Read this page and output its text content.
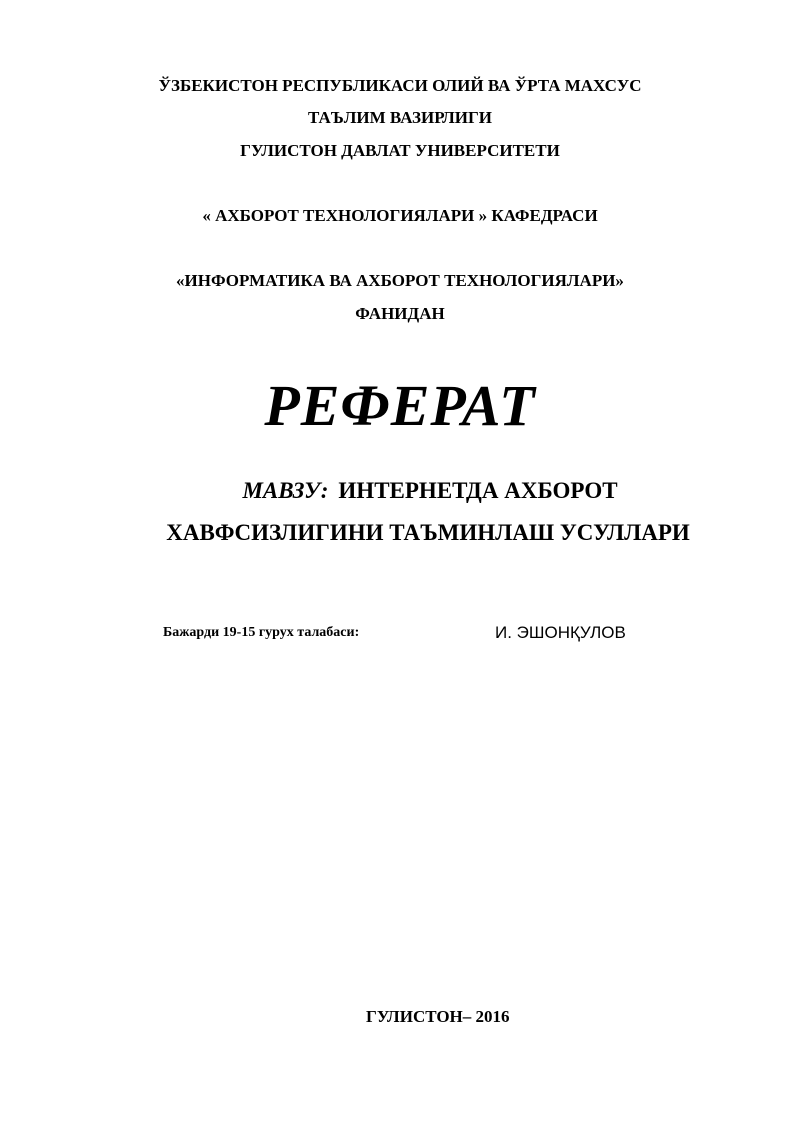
ЎЗБЕКИСТОН РЕСПУБЛИКАСИ ОЛИЙ ВА ЎРТА МАХСУС
ТАЪЛИМ ВАЗИРЛИГИ
ГУЛИСТОН ДАВЛАТ УНИВЕРСИТЕТИ
« АХБОРОТ ТЕХНОЛОГИЯЛАРИ » КАФЕДРАСИ
«ИНФОРМАТИКА ВА АХБОРОТ ТЕХНОЛОГИЯЛАРИ»
ФАНИДАН
РЕФЕРАТ
МАВЗУ: ИНТЕРНЕТДА АХБОРОТ
ХАВФСИЗЛИГИНИ ТАЪМИНЛАШ УСУЛЛАРИ
Бажарди 19-15 гурух талабаси:	И. ЭШОНҚУЛОВ
ГУЛИСТОН– 2016
